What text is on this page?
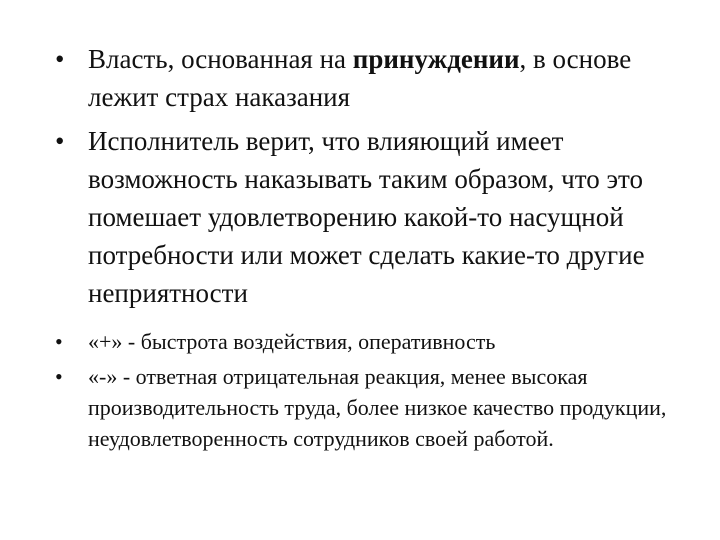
• Власть, основанная на принуждении, в основе лежит страх наказания
• Исполнитель верит, что влияющий имеет возможность наказывать таким образом, что это помешает удовлетворению какой-то насущной потребности или может сделать какие-то другие неприятности
• «+» - быстрота воздействия, оперативность
• «-» - ответная отрицательная реакция, менее высокая производительность труда, более низкое качество продукции, неудовлетворенность сотрудников своей работой.
